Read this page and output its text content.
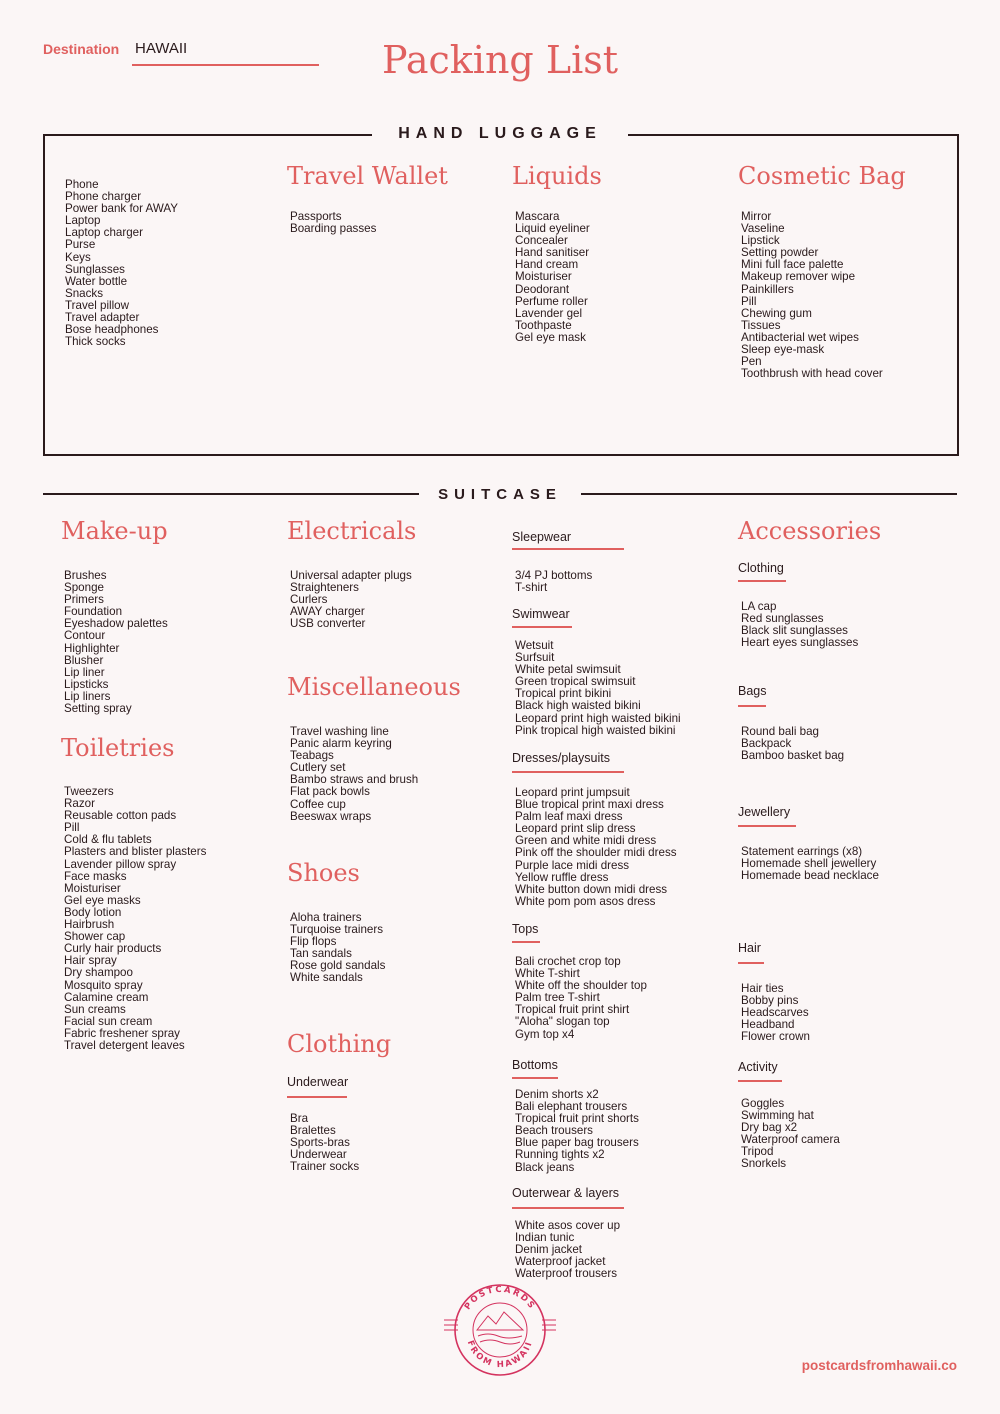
Destination HAWAII	Packing List
HAND LUGGAGE
Phone
Phone charger
Power bank for AWAY
Laptop
Laptop charger
Purse
Keys
Sunglasses
Water bottle
Snacks
Travel pillow
Travel adapter
Bose headphones
Thick socks
Travel Wallet
Passports
Boarding passes
Liquids
Mascara
Liquid eyeliner
Concealer
Hand sanitiser
Hand cream
Moisturiser
Deodorant
Perfume roller
Lavender gel
Toothpaste
Gel eye mask
Cosmetic Bag
Mirror
Vaseline
Lipstick
Setting powder
Mini full face palette
Makeup remover wipe
Painkillers
Pill
Chewing gum
Tissues
Antibacterial wet wipes
Sleep eye-mask
Pen
Toothbrush with head cover
SUITCASE
Make-up
Brushes
Sponge
Primers
Foundation
Eyeshadow palettes
Contour
Highlighter
Blusher
Lip liner
Lipsticks
Lip liners
Setting spray
Toiletries
Tweezers
Razor
Reusable cotton pads
Pill
Cold & flu tablets
Plasters and blister plasters
Lavender pillow spray
Face masks
Moisturiser
Gel eye masks
Body lotion
Hairbrush
Shower cap
Curly hair products
Hair spray
Dry shampoo
Mosquito spray
Calamine cream
Sun creams
Facial sun cream
Fabric freshener spray
Travel detergent leaves
Electricals
Universal adapter plugs
Straighteners
Curlers
AWAY charger
USB converter
Miscellaneous
Travel washing line
Panic alarm keyring
Teabags
Cutlery set
Bambo straws and brush
Flat pack bowls
Coffee cup
Beeswax wraps
Shoes
Aloha trainers
Turquoise trainers
Flip flops
Tan sandals
Rose gold sandals
White sandals
Clothing
Underwear
Bra
Bralettes
Sports-bras
Underwear
Trainer socks
Sleepwear
3/4 PJ bottoms
T-shirt
Swimwear
Wetsuit
Surfsuit
White petal swimsuit
Green tropical swimsuit
Tropical print bikini
Black high waisted bikini
Leopard print high waisted bikini
Pink tropical high waisted bikini
Dresses/playsuits
Leopard print jumpsuit
Blue tropical print maxi dress
Palm leaf maxi dress
Leopard print slip dress
Green and white midi dress
Pink off the shoulder midi dress
Purple lace midi dress
Yellow ruffle dress
White button down midi dress
White pom pom asos dress
Tops
Bali crochet crop top
White T-shirt
White off the shoulder top
Palm tree T-shirt
Tropical fruit print shirt
"Aloha" slogan top
Gym top x4
Bottoms
Denim shorts x2
Bali elephant trousers
Tropical fruit print shorts
Beach trousers
Blue paper bag trousers
Running tights x2
Black jeans
Outerwear & layers
White asos cover up
Indian tunic
Denim jacket
Waterproof jacket
Waterproof trousers
Accessories
Clothing
LA cap
Red sunglasses
Black slit sunglasses
Heart eyes sunglasses
Bags
Round bali bag
Backpack
Bamboo basket bag
Jewellery
Statement earrings (x8)
Homemade shell jewellery
Homemade bead necklace
Hair
Hair ties
Bobby pins
Headscarves
Headband
Flower crown
Activity
Goggles
Swimming hat
Dry bag x2
Waterproof camera
Tripod
Snorkels
POSTCARDS
FROM HAWAII
postcardsfromhawaii.co
